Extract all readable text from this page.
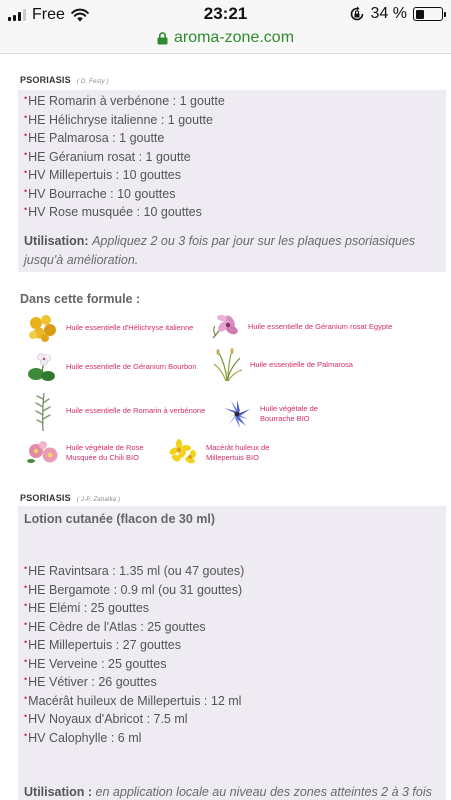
Free	23:21	34 %
aroma-zone.com
PSORIASIS ( D. Festy )
•HE Romarin à verbénone : 1 goutte
•HE Hélichryse italienne : 1 goutte
•HE Palmarosa : 1 goutte
•HE Géranium rosat : 1 goutte
•HV Millepertuis : 10 gouttes
•HV Bourrache : 10 gouttes
•HV Rose musquée : 10 gouttes
Utilisation: Appliquez 2 ou 3 fois par jour sur les plaques psoriasiques
jusqu'à amélioration.
Dans cette formule :
Huile essentielle d'Hélichryse italienne	Huile essentielle de Géranium rosat Egypte
Huile essentielle de Géranium Bourbon	Huile essentielle de Palmarosa
Huile essentielle de Romarin à verbénone	Huile végétale de
Bourrache BIO
Huile végétale de Rose
Musquée du Chili BIO
Macérât huileux de
Millepertuis BIO
PSORIASIS ( J-P. Zahalka )
Lotion cutanée (flacon de 30 ml)
•HE Ravintsara : 1.35 ml (ou 47 goutes)
•HE Bergamote : 0.9 ml (ou 31 gouttes)
•HE Elémi : 25 gouttes
•HE Cèdre de l'Atlas : 25 gouttes
•HE Millepertuis : 27 gouttes
•HE Verveine : 25 gouttes
•HE Vétiver : 26 gouttes
•Macérât huileux de Millepertuis : 12 ml
•HV Noyaux d'Abricot : 7.5 ml
•HV Calophylle : 6 ml
Utilisation : en application locale au niveau des zones atteintes 2 à 3 fois
